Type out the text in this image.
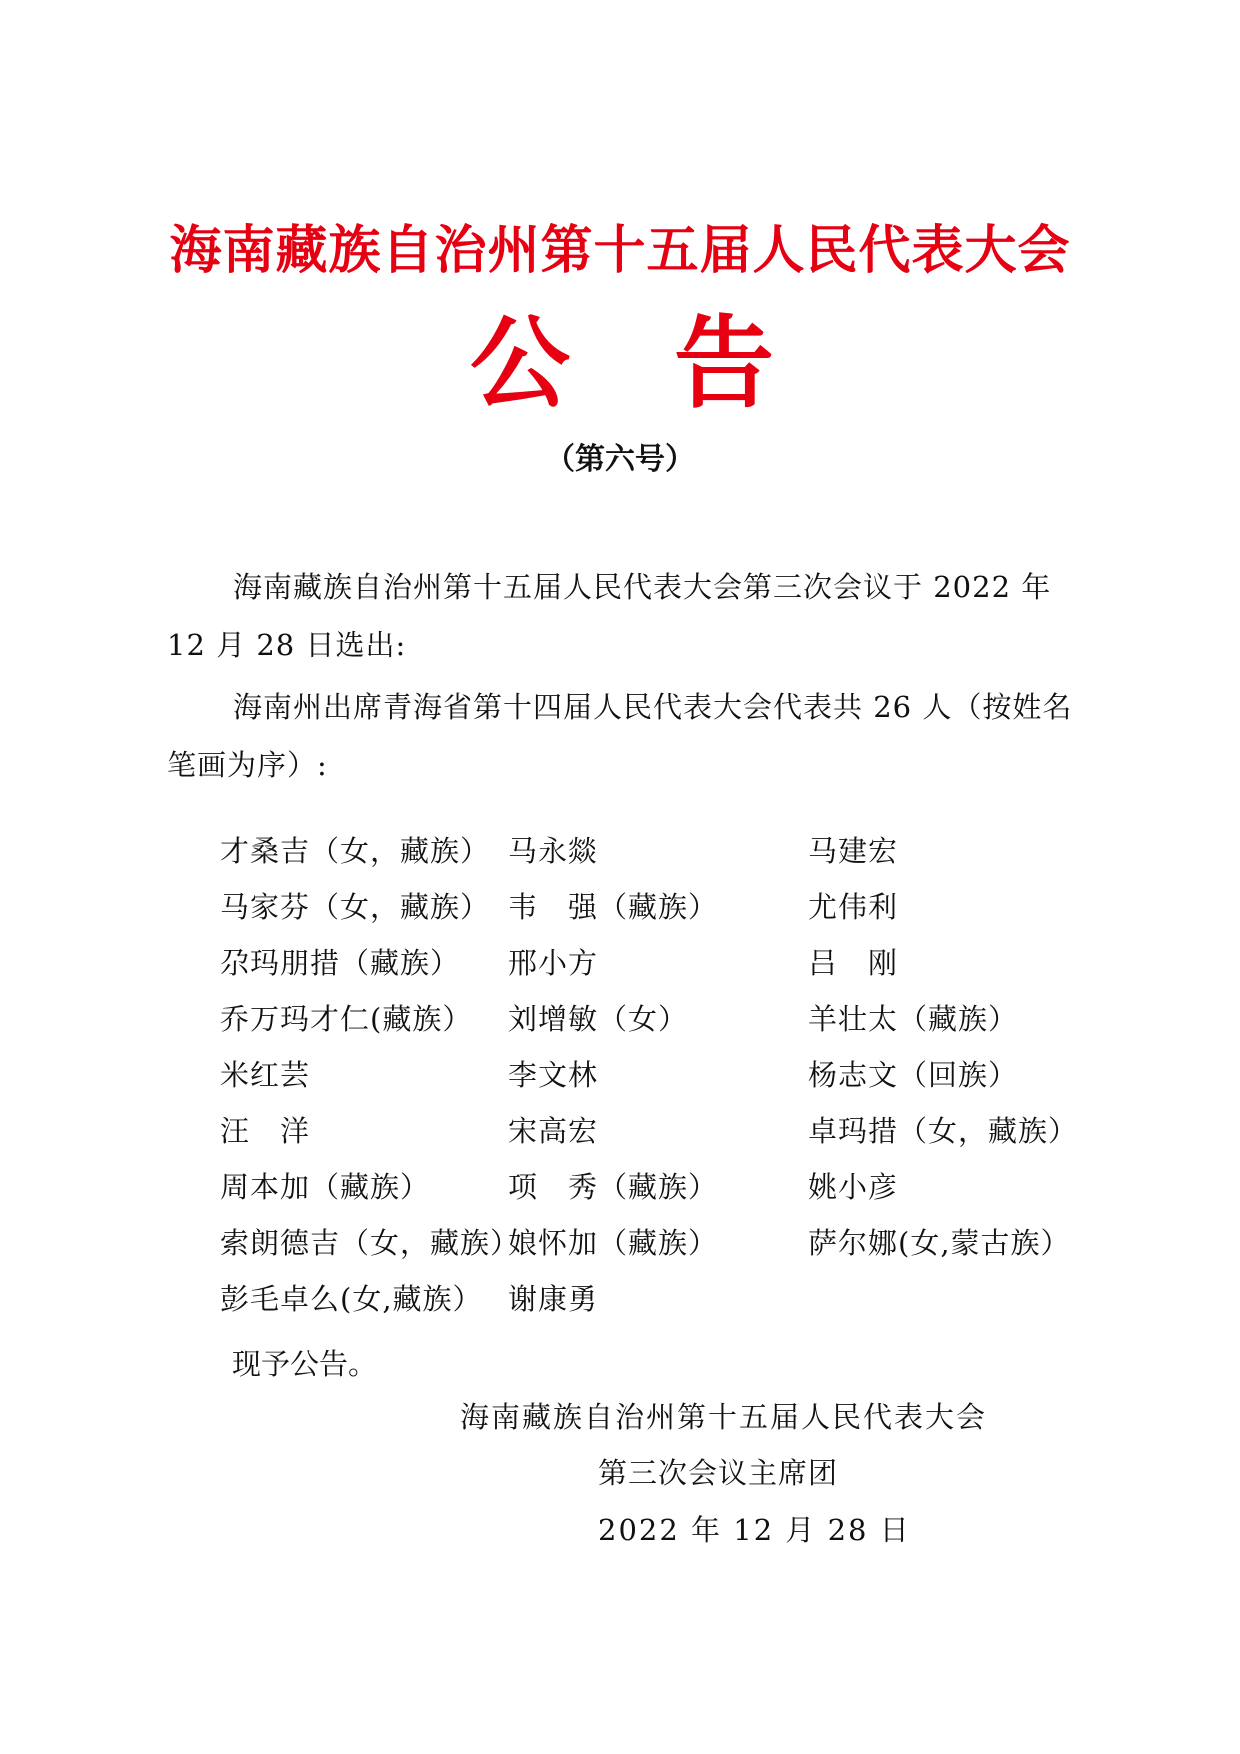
海南藏族自治州第十五届人民代表大会
公 告
（第六号）
海南藏族自治州第十五届人民代表大会第三次会议于 2022 年 12 月 28 日选出:
海南州出席青海省第十四届人民代表大会代表共 26 人（按姓名笔画为序）:
才桑吉（女，藏族）
马家芬（女，藏族）
尕玛朋措（藏族）
乔万玛才仁(藏族）
米红芸
汪　洋
周本加（藏族）
索朗德吉（女，藏族）
彭毛卓么(女,藏族）
马永燚
韦　强（藏族）
邢小方
刘增敏（女）
李文林
宋高宏
项　秀（藏族）
娘怀加（藏族）
谢康勇
马建宏
尤伟利
吕　刚
羊壮太（藏族）
杨志文（回族）
卓玛措（女，藏族）
姚小彦
萨尔娜(女,蒙古族）
现予公告。
海南藏族自治州第十五届人民代表大会
第三次会议主席团
2022 年 12 月 28 日
